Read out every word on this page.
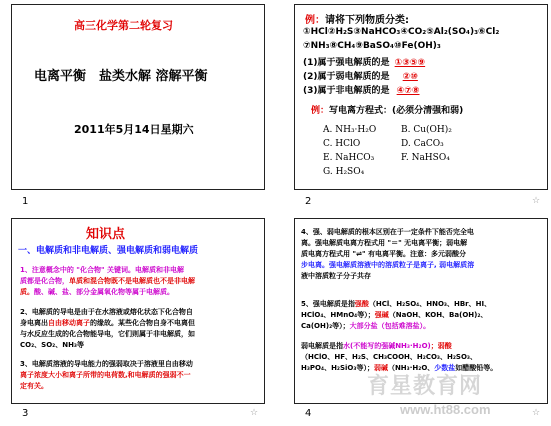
高三化学第二轮复习
电离平衡　盐类水解 溶解平衡
2011年5月14日星期六
1
例：请将下列物质分类:
①HCl②H₂S③NaHCO₃④CO₂⑤Al₂(SO₄)₃⑥Cl₂
⑦NH₃⑧CH₄⑨BaSO₄⑩Fe(OH)₃
(1)属于强电解质的是 ①③⑤⑨
(2)属于弱电解质的是 ②⑩
(3)属于非电解质的是 ④⑦⑧
例：写电离方程式：(必须分清强和弱)
A. NH₃·H₂O	B. Cu(OH)₂
C. HClO	D. CaCO₃
E. NaHCO₃	F. NaHSO₄
G. H₂SO₄
2	☆
知识点
一、电解质和非电解质、强电解质和弱电解质
1、注意概念中的 "化合物" 关键词。电解质和非电解
质都是化合物，单质和混合物既不是电解质也不是非电解
质。酸、碱、盐、部分金属氧化物等属于电解质。
2、电解质的导电是由于在水溶液或熔化状态下化合物自
身电离出自由移动离子的缘故。某些化合物自身不电离但
与水反应生成的化合物能导电，它们则属于非电解质，如
CO₂、SO₂、NH₃等
3、电解质溶液的导电能力的强弱取决于溶液里自由移动
离子浓度大小和离子所带的电荷数,和电解质的强弱不一
定有关。
3	☆
4、强、弱电解质的根本区别在于一定条件下能否完全电
离。强电解质电离方程式用 "＝" 无电离平衡；弱电解
质电离方程式用 "⇌" 有电离平衡。注意：多元弱酸分
步电离。强电解质溶液中的溶质粒子是离子, 弱电解质溶
液中溶质粒子分子共存
5、强电解质是指强酸（HCl、H₂SO₄、HNO₃、HBr、HI、
HClO₄、HMnO₄等）；强碱（NaOH、KOH、Ba(OH)₂、
Ca(OH)₂等）；大部分盐（包括难溶盐）。
弱电解质是指水(不能写的强碱NH₃·H₂O)；弱酸
（HClO、HF、H₂S、CH₃COOH、H₂CO₃、H₂SO₃、
H₃PO₄、H₂SiO₃等）；弱碱（NH₃·H₂O、少数盐如醋酸铅等。
育星教育网
4	www.ht88.com	☆
